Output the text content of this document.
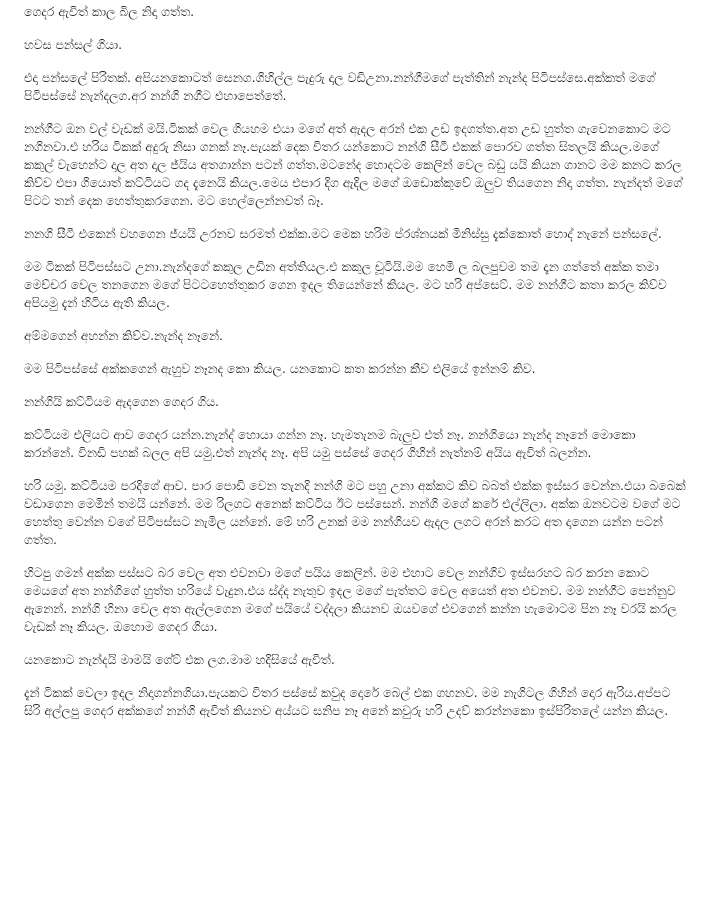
ගෙදර ඇවිත් කාල බිල නිදා ගත්ත.

හවස පන්සල් ගියා.

එදා පන්සලේ පිරිතක්. අපියනකොටත් සෙනග.ගිහිල්ල පැදුරු දාල වඩිඋනා.නන්ගීමගේ පැත්තින් නැන්ද පිටිපස්සෙ.අක්කත් මගේ පිටිපස්සේ නැන්දලග.අර නන්ගි නගීට එහාපෙත්තේ.

නන්ගීට ඔන වල් වැඩක් මයි.ටිකක් වෙල ගියහම එයා මගේ අත් ඇදල අරන් එක උඩ ඉදගත්ත.අත උඩ හුත්ත ගැවෙනකොට මට නගිනවා.එ හරිය ටිකක් අදුරු නිසා ගනක් නෑ.පැයක් දෙක විතර යන්කොට නන්ගි සීටී එකක් පොරව ගත්ත සිතලයි කියල.මගේ කකුල් වැහෙන්ට දාල අත දාල ජ්යිය අතගාන්න පටන් ගත්ත.මටනේද හොදටම කෙලින් වෙල බඩු යයි කියන ගානට මම කනට කරල කිව්ව එපා ගියොත් කට්ටියට ගද දැනෙයි කියල.මෙය එපාර දිග ඇදිල මගේ ඔඩොක්කුවේ ඔලුව තියගෙන නිදා ගත්ත. නැන්දත් මගේ පිටට තන් දෙක හෙත්තුකරගෙන. මට හෙල්ලෙන්නවත් බෑ.

නනගි සීටී එකෙන් වහගෙන ජ්යයි උරනව සරමත් එක්ක.මට මෙක හරිම ප්රශ්නයක් මිනිස්සු දැක්කොත් හොද් නැනේ පන්සලේ.

මම ටිකක් පිටිපස්සට උනා.නැන්දගේ කකුල උඩින අත්තියල.එ කකුල චූටියි.මම හෙමි ල බලපුවම තම දෑන ගත්තේ අක්ක තමා මෙච්චර වෙල තනගෙන මගේ පිටටහෙත්තුකර ගෙන ඉදල තියෙන්නේ කියල. මට හරි අප්සෙට්. මම නන්ගීට කතා කරල කිව්ව අපියමු දැන් හිටිය ඇති කියල.

අම්මගෙන් අහන්න කිව්ව.නැන්ද නෑනේ.

මම පිටිපස්සේ අක්කගෙන් ඇහුව නෑනද කො කියල. යනකොට කත කරන්න කීව එලියේ ඉන්නම් කිව.

නන්ගියි කට්ටියම ඇදගෙන ගෙදර ගිය.

කට්ටියම එලියට ආව ගෙදර යන්න.නැන්ද් හොයා ගන්න නෑ. හැමතැනම බැලුව එත් නෑ. නන්ගියො නැන්ද නෑනේ මොකො කරන්නේ. විනඩි පහක් බලල අපි යමු.එත් නැන්ද නෑ. අපි යමු පස්සේ ගෙදර ගිහින් නැත්නම් අයිය ඇවිත් බලන්න.

හරි යමු. කට්ටියම පරදිගේ ආව. පාර පොඩි වෙන තැනදි නන්ගි මට පහු උනා අක්කට කිව බබත් එක්ක ඉස්සර වෙන්න.එයා බබෙක් වඩාගෙන මෙමින් තමයි යන්නේ. මම රිලගට අනෙක් කට්ටිය ඊට පස්සෙන්. නන්ගි මගේ කරේ එල්ලිලා. අක්ක ඔනවටම වගේ මට හෙත්තු වෙන්න වගේ පිටිපස්සට නැමිල යන්නේ. මේ හරි උනක් මම නන්ගියව ඇදල ලගට අරන් කරට අත දාගෙන යන්න පටන් ගත්ත.

හිටපු ගමන් අක්ක පස්සට බර වෙල අත එවනවා මගේ පයිය කෙලින්. මම එහාට වෙල නන්ගිව ඉස්සරහට බර කරන කොට මෙයගේ අත නන්ගිගේ හුත්ත හරියේ වැදුන.එය ස්ද්ද නැතුව ඉදල මගේ පැත්තට වෙල අයෙත් අත එවනව. මම නන්ගීට පෙන්නුව ඇනෙන්. නන්ගි හිනා වෙල අත ඇල්ලගෙන මගේ පයියේ වද්දලා කියනව ඔයවගේ එවගෙන් කන්න හැමොටම පින නෑ වරයි කරල වැඩක් නෑ කියල. ඔහොම ගෙදර ගියා.

යනකොට නැන්දයි මාමයි ගේට් එක ලග.මාම හදිසියේ ඇවිත්.

දැන් ටිකක් වෙලා ඉදල නිදාගන්නගියා.පැයකට විතර පස්සේ කවුද දොරේ බෙල් එක ගහනව. මම නැගිටල ගිහින් දොර ඇරිය.අප්පට සිරි අල්ලපු ගෙදර අක්කගේ නන්ගි ඇවිත් කියනව අය්යට සනිප නෑ අනේ කවුරු හරි උදව් කරන්නකො ඉස්පිරිතලේ යන්න කියල.
